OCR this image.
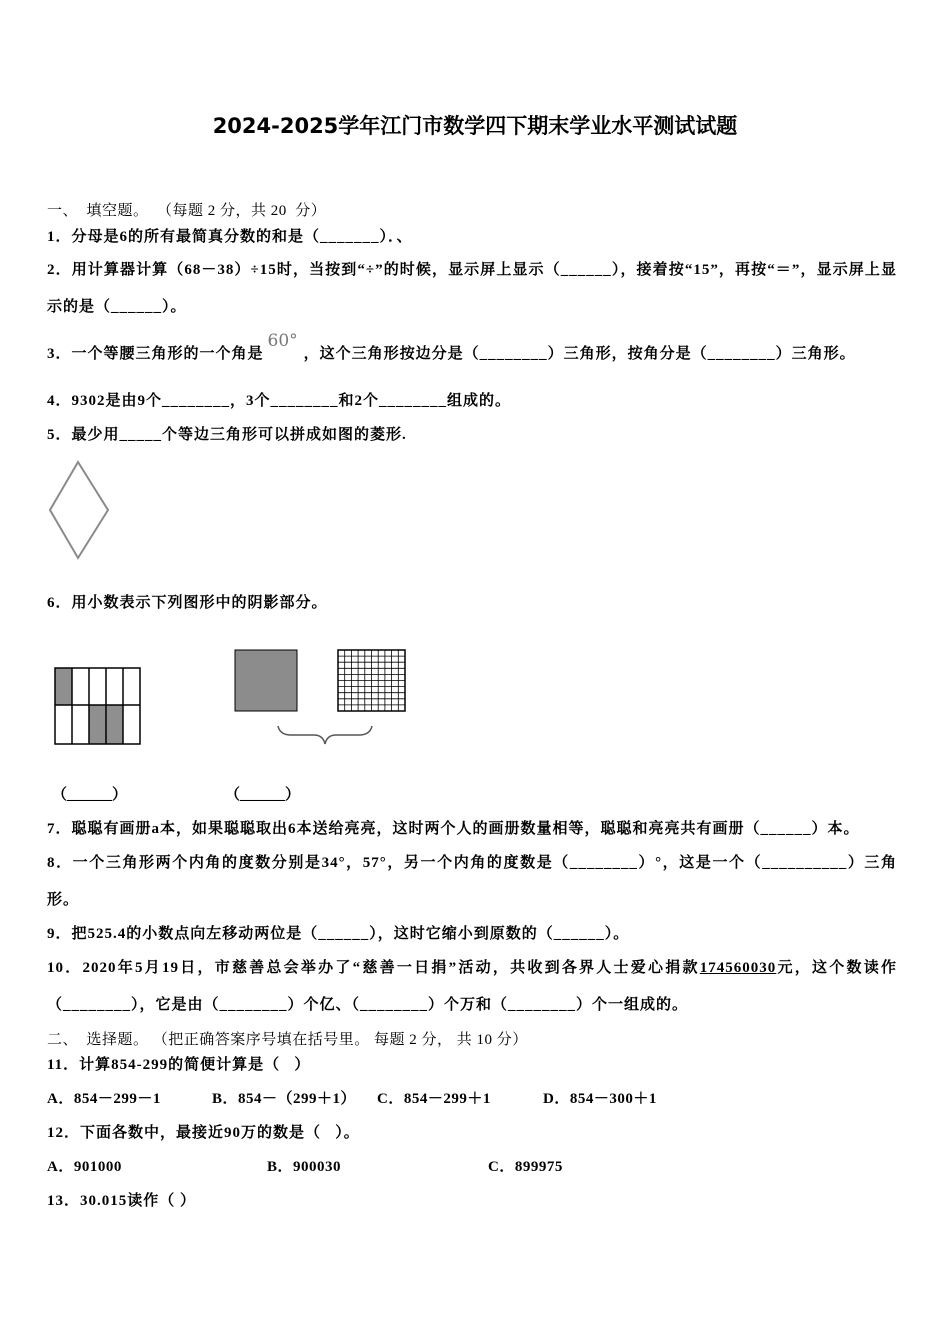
2024-2025学年江门市数学四下期末学业水平测试试题
一、  填空题。  （每题 2 分，共 20  分）
1．分母是6的所有最简真分数的和是（_______）．、
2．用计算器计算（68－38）÷15时，当按到“÷”的时候，显示屏上显示（______），接着按“15”，再按“＝”，显示屏上显示的是（______）。
3．一个等腰三角形的一个角是60°，这个三角形按边分是（________）三角形，按角分是（________）三角形。
4．9302是由9个________，3个________和2个________组成的。
5．最少用_____个等边三角形可以拼成如图的菱形.
6．用小数表示下列图形中的阴影部分。
（______）	（______）
7．聪聪有画册a本，如果聪聪取出6本送给亮亮，这时两个人的画册数量相等，聪聪和亮亮共有画册（______）本。
8．一个三角形两个内角的度数分别是34°，57°，另一个内角的度数是（________）°，这是一个（__________）三角形。
9．把525.4的小数点向左移动两位是（______），这时它缩小到原数的（______）。
10．2020年5月19日，市慈善总会举办了“慈善一日捐”活动，共收到各界人士爱心捐款174560030元，这个数读作（________），它是由（________）个亿、（________）个万和（________）个一组成的。
二、  选择题。 （把正确答案序号填在括号里。 每题 2 分， 共 10 分）
11．计算854-299的简便计算是（   ）
A．854－299－1	B．854－（299＋1） C．854－299＋1	D．854－300＋1
12．下面各数中，最接近90万的数是（   ）。
A．901000	B．900030	C．899975
13．30.015读作（ ）
